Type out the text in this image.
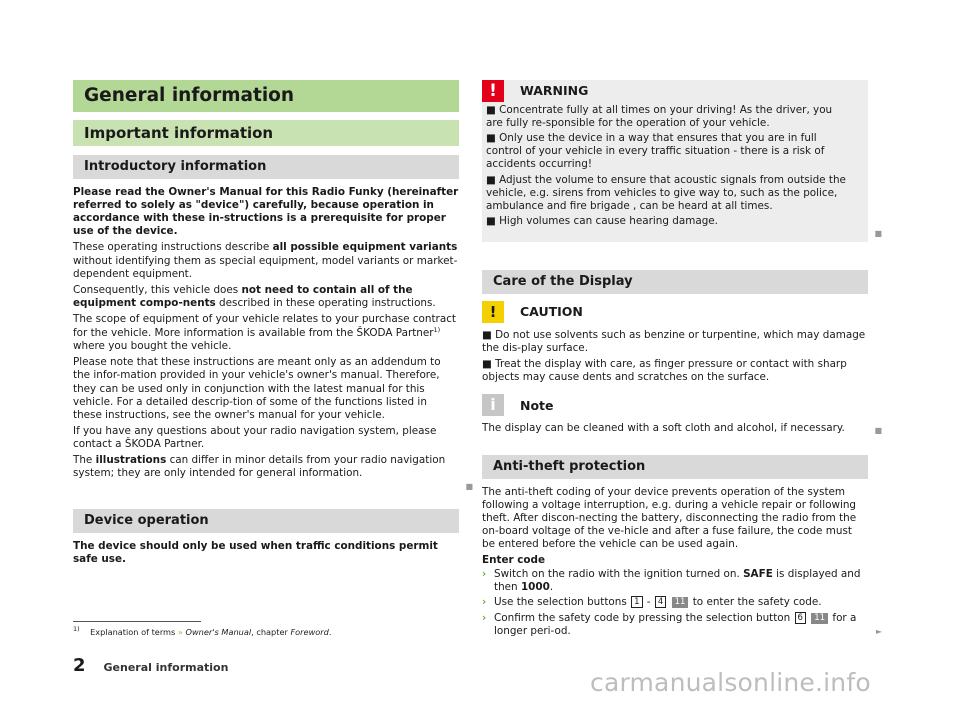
General information
Important information
Introductory information

Please read the Owner's Manual for this Radio Funky (hereinafter referred to solely as "device") carefully, because operation in accordance with these in-structions is a prerequisite for proper use of the device.

These operating instructions describe all possible equipment variants without identifying them as special equipment, model variants or market-dependent equipment.

Consequently, this vehicle does not need to contain all of the equipment compo-nents described in these operating instructions.

The scope of equipment of your vehicle relates to your purchase contract for the vehicle. More information is available from the ŠKODA Partner$^{1)}$ where you bought the vehicle.

Please note that these instructions are meant only as an addendum to the infor-mation provided in your vehicle's owner's manual. Therefore, they can be used only in conjunction with the latest manual for this vehicle. For a detailed descrip-tion of some of the functions listed in these instructions, see the owner's manual for your vehicle.

If you have any questions about your radio navigation system, please contact a ŠKODA Partner.

The illustrations can differ in minor details from your radio navigation system; they are only intended for general information.

■
Device operation

The device should only be used when traffic conditions permit safe use.

!	WARNING

■ Concentrate fully at all times on your driving! As the driver, you are fully re-sponsible for the operation of your vehicle.

■ Only use the device in a way that ensures that you are in full control of your vehicle in every traffic situation - there is a risk of accidents occurring!

■ Adjust the volume to ensure that acoustic signals from outside the vehicle, e.g. sirens from vehicles to give way to, such as the police, ambulance and fire brigade , can be heard at all times.

■ High volumes can cause hearing damage.

■
Care of the Display
!	CAUTION

■ Do not use solvents such as benzine or turpentine, which may damage the dis-play surface.

■ Treat the display with care, as finger pressure or contact with sharp objects may cause dents and scratches on the surface.

i	Note

The display can be cleaned with a soft cloth and alcohol, if necessary.	■
Anti-theft protection

The anti-theft coding of your device prevents operation of the system following a voltage interruption, e.g. during a vehicle repair or following theft. After discon-necting the battery, disconnecting the radio from the on-board voltage of the ve-hicle and after a fuse failure, the code must be entered before the vehicle can be used again.

Enter code

› Switch on the radio with the ignition turned on. SAFE is displayed and then 1000.
› Use the selection buttons 1 - 4 11 to enter the safety code.
› Confirm the safety code by pressing the selection button 6 11 for a longer peri-od.	►
$^{1)}$ Explanation of terms » Owner's Manual, chapter Foreword.
2 General information
carmanualsonline.info
